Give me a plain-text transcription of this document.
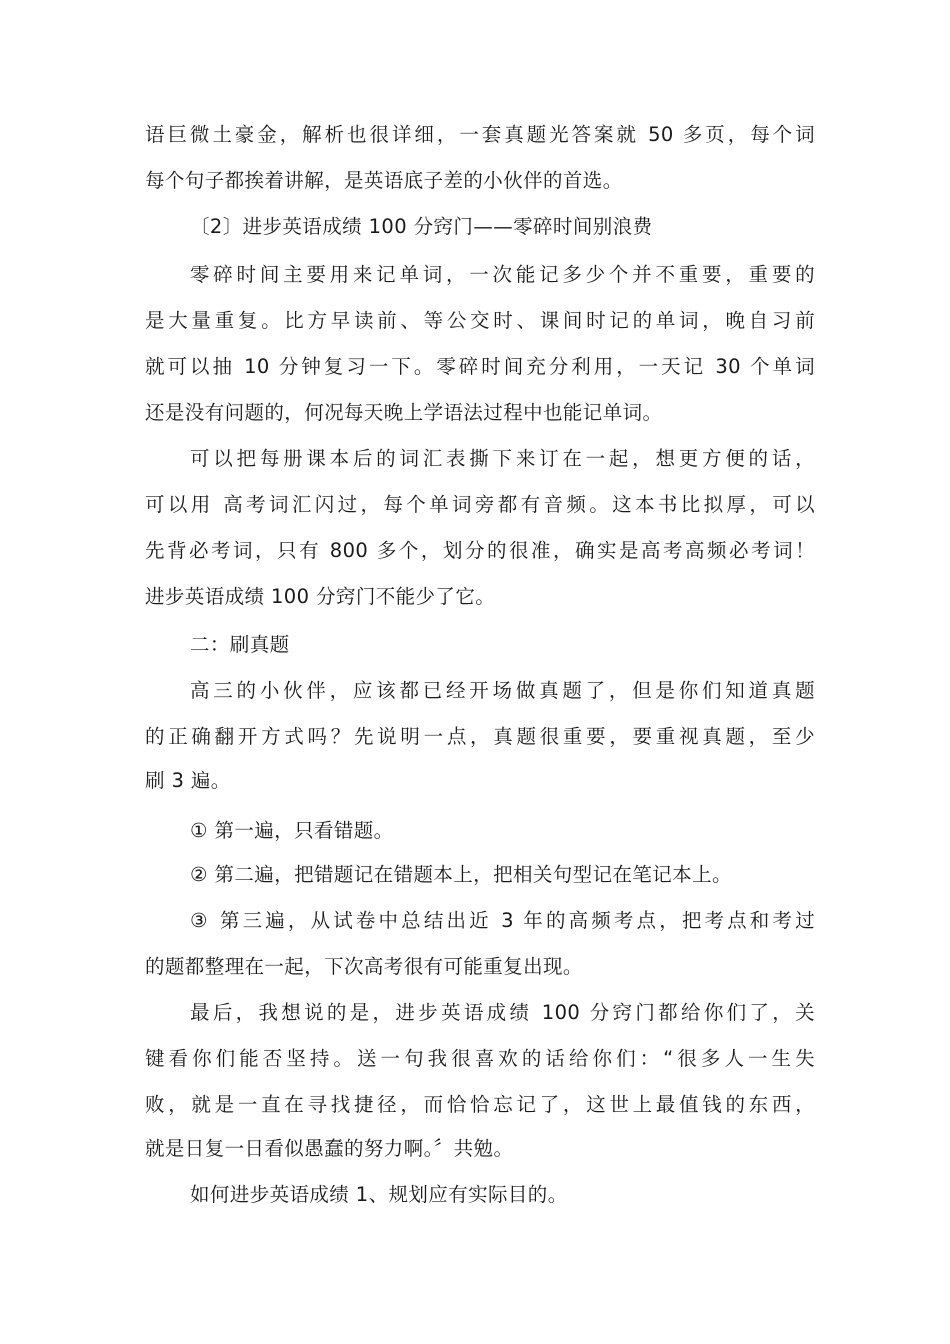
语巨微土豪金，解析也很详细，一套真题光答案就 50 多页，每个词
每个句子都挨着讲解，是英语底子差的小伙伴的首选。
〔2〕进步英语成绩 100 分窍门——零碎时间别浪费
零碎时间主要用来记单词，一次能记多少个并不重要，重要的
是大量重复。比方早读前、等公交时、课间时记的单词，晚自习前
就可以抽 10 分钟复习一下。零碎时间充分利用，一天记 30 个单词
还是没有问题的，何况每天晚上学语法过程中也能记单词。
可以把每册课本后的词汇表撕下来订在一起，想更方便的话，
可以用 高考词汇闪过，每个单词旁都有音频。这本书比拟厚，可以
先背必考词，只有 800 多个，划分的很准，确实是高考高频必考词！
进步英语成绩 100 分窍门不能少了它。
二：刷真题
高三的小伙伴，应该都已经开场做真题了，但是你们知道真题
的正确翻开方式吗？先说明一点，真题很重要，要重视真题，至少
刷 3 遍。
① 第一遍，只看错题。
② 第二遍，把错题记在错题本上，把相关句型记在笔记本上。
③ 第三遍，从试卷中总结出近 3 年的高频考点，把考点和考过
的题都整理在一起，下次高考很有可能重复出现。
最后，我想说的是，进步英语成绩 100 分窍门都给你们了，关
键看你们能否坚持。送一句我很喜欢的话给你们：“很多人一生失
败，就是一直在寻找捷径，而恰恰忘记了，这世上最值钱的东西，
就是日复一日看似愚蠢的努力啊。〞共勉。
如何进步英语成绩 1、规划应有实际目的。
